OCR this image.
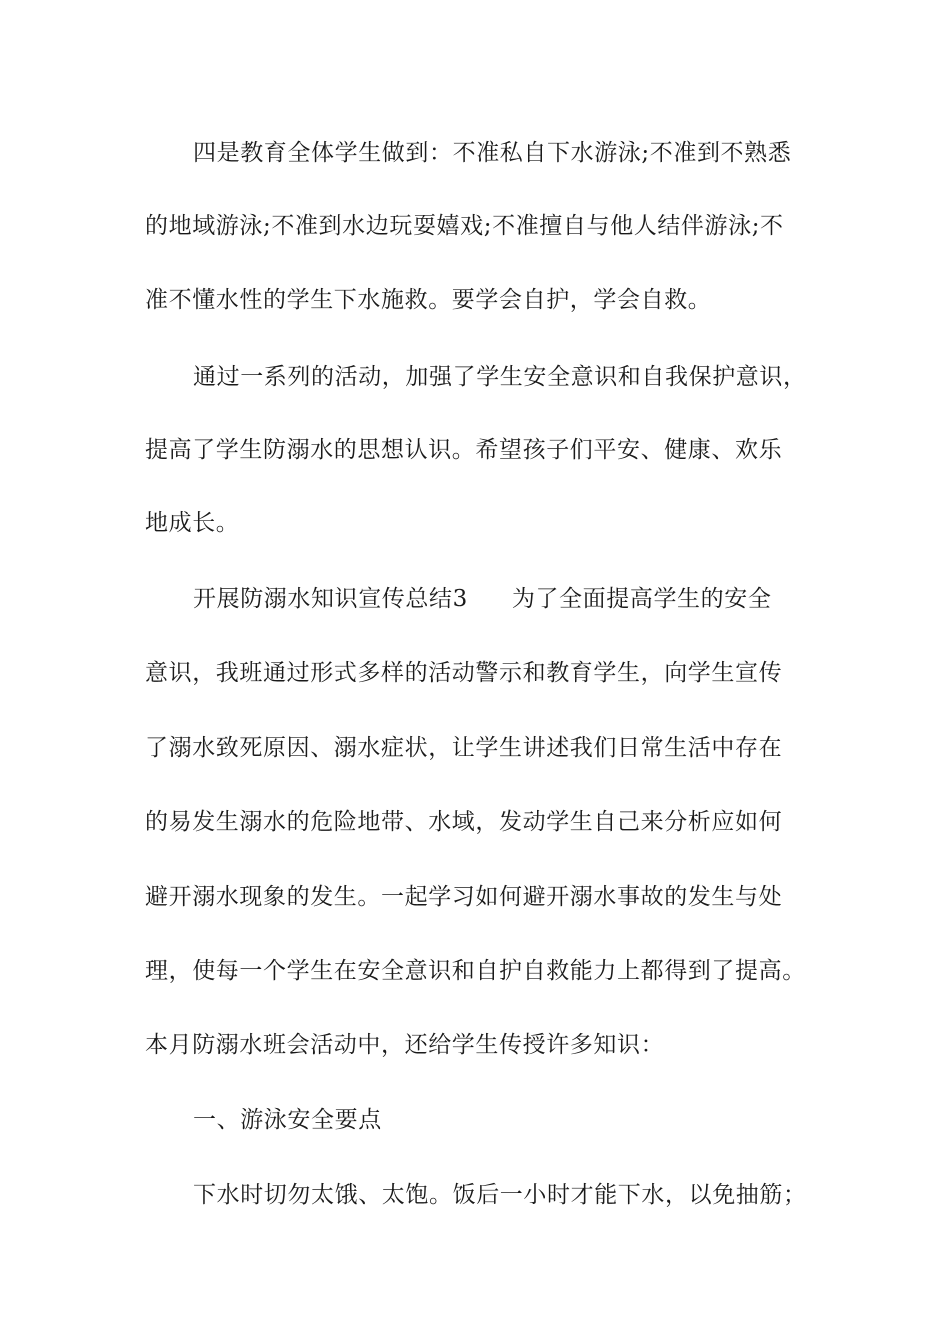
四是教育全体学生做到：不准私自下水游泳;不准到不熟悉
的地域游泳;不准到水边玩耍嬉戏;不准擅自与他人结伴游泳;不
准不懂水性的学生下水施救。要学会自护，学会自救。
通过一系列的活动，加强了学生安全意识和自我保护意识，
提高了学生防溺水的思想认识。希望孩子们平安、健康、欢乐
地成长。
开展防溺水知识宣传总结3 为了全面提高学生的安全
意识，我班通过形式多样的活动警示和教育学生，向学生宣传
了溺水致死原因、溺水症状，让学生讲述我们日常生活中存在
的易发生溺水的危险地带、水域，发动学生自己来分析应如何
避开溺水现象的发生。一起学习如何避开溺水事故的发生与处
理，使每一个学生在安全意识和自护自救能力上都得到了提高。
本月防溺水班会活动中，还给学生传授许多知识：
一、游泳安全要点
下水时切勿太饿、太饱。饭后一小时才能下水，以免抽筋；
